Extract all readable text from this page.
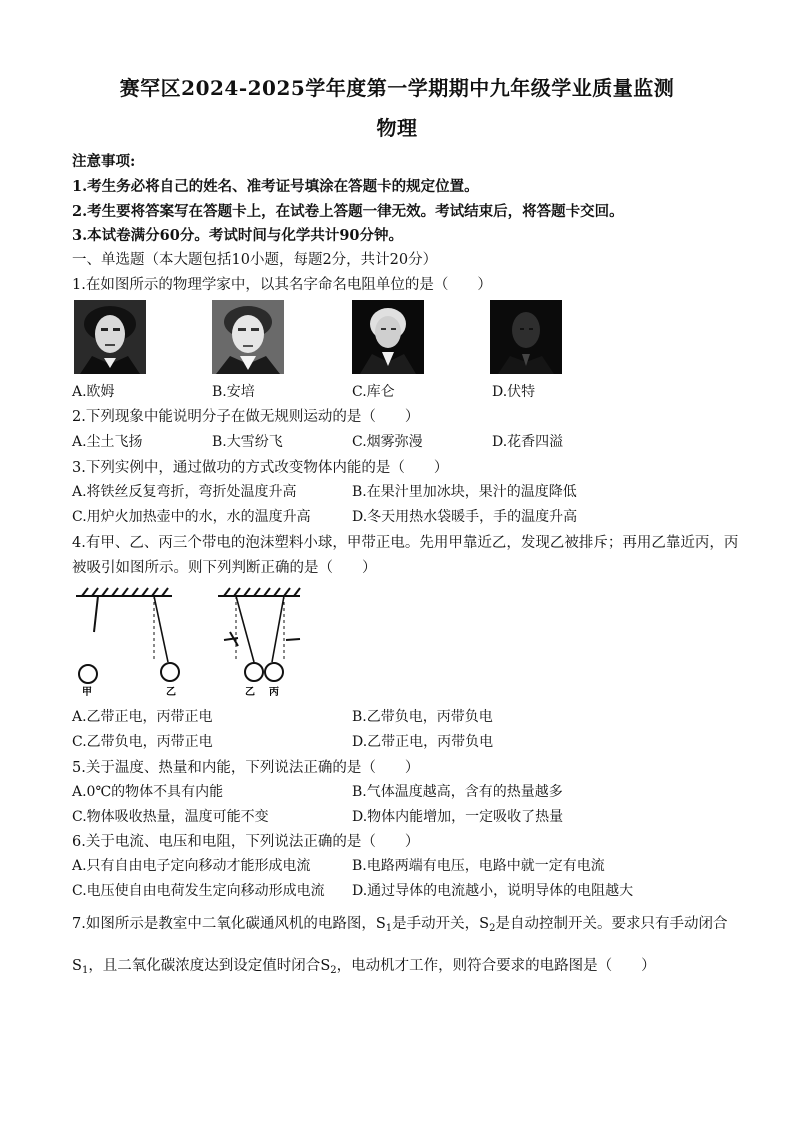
赛罕区2024-2025学年度第一学期期中九年级学业质量监测
物理
注意事项:
1.考生务必将自己的姓名、准考证号填涂在答题卡的规定位置。
2.考生要将答案写在答题卡上，在试卷上答题一律无效。考试结束后，将答题卡交回。
3.本试卷满分60分。考试时间与化学共计90分钟。
一、单选题（本大题包括10小题，每题2分，共计20分）
1.在如图所示的物理学家中，以其名字命名电阻单位的是（　　）
A.欧姆	B.安培	C.库仑	D.伏特
2.下列现象中能说明分子在做无规则运动的是（　　）
A.尘土飞扬	B.大雪纷飞	C.烟雾弥漫	D.花香四溢
3.下列实例中，通过做功的方式改变物体内能的是（　　）
A.将铁丝反复弯折，弯折处温度升高	B.在果汁里加冰块，果汁的温度降低
C.用炉火加热壶中的水，水的温度升高	D.冬天用热水袋暖手，手的温度升高
4.有甲、乙、丙三个带电的泡沫塑料小球，甲带正电。先用甲靠近乙，发现乙被排斥；再用乙靠近丙，丙
被吸引如图所示。则下列判断正确的是（　　）
甲	乙	乙 丙
A.乙带正电，丙带正电	B.乙带负电，丙带负电
C.乙带负电，丙带正电	D.乙带正电，丙带负电
5.关于温度、热量和内能，下列说法正确的是（　　）
A.0℃的物体不具有内能	B.气体温度越高，含有的热量越多
C.物体吸收热量，温度可能不变	D.物体内能增加，一定吸收了热量
6.关于电流、电压和电阻，下列说法正确的是（　　）
A.只有自由电子定向移动才能形成电流	B.电路两端有电压，电路中就一定有电流
C.电压使自由电荷发生定向移动形成电流 D.通过导体的电流越小，说明导体的电阻越大
7.如图所示是教室中二氧化碳通风机的电路图，$S_1$是手动开关，$S_2$是自动控制开关。要求只有手动闭合
$S_1$，且二氧化碳浓度达到设定值时闭合$S_2$，电动机才工作，则符合要求的电路图是（　　）
